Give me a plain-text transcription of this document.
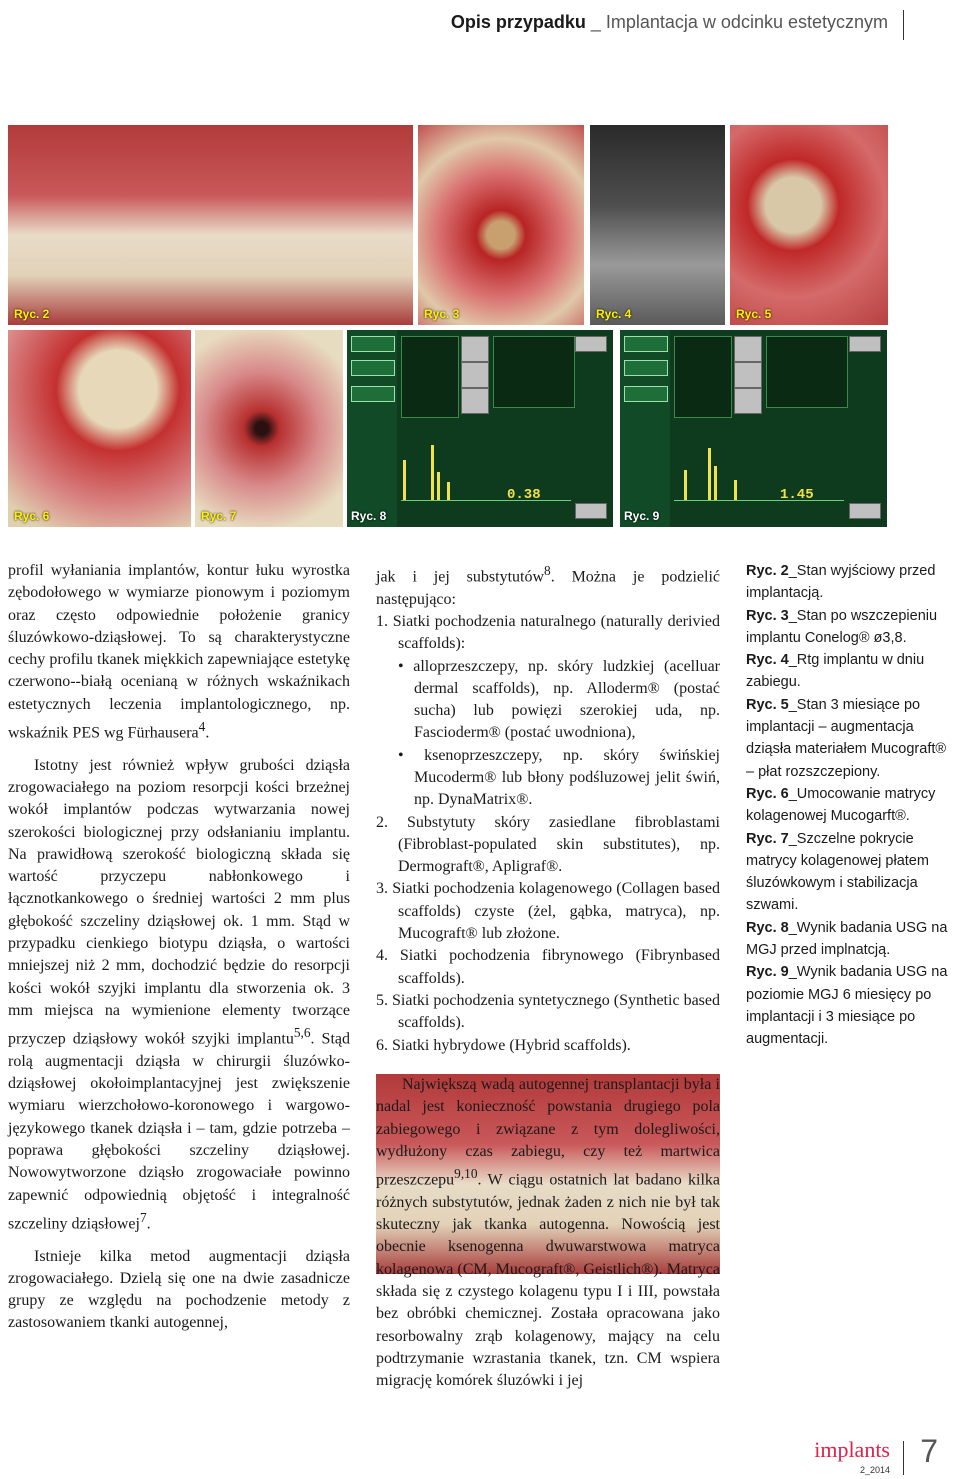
Opis przypadku _ Implantacja w odcinku estetycznym
Ryc. 2	Ryc. 3	Ryc. 4	Ryc. 5
Ryc. 6	Ryc. 7
0.38
Ryc. 8
1.45
Ryc. 9

profil wyłaniania implantów, kontur łuku wyrostka zębodołowego w wymiarze pionowym i poziomym oraz często odpowiednie położenie granicy śluzówkowo-dziąsłowej. To są charakterystyczne cechy profilu tkanek miękkich zapewniające estetykę czerwono--białą ocenianą w różnych wskaźnikach estetycznych leczenia implantologicznego, np. wskaźnik PES wg Fürhausera$^4$.

Istotny jest również wpływ grubości dziąsła zrogowaciałego na poziom resorpcji kości brzeżnej wokół implantów podczas wytwarzania nowej szerokości biologicznej przy odsłanianiu implantu. Na prawidłową szerokość biologiczną składa się wartość przyczepu nabłonkowego i łącznotkankowego o średniej wartości 2 mm plus głębokość szczeliny dziąsłowej ok. 1 mm. Stąd w przypadku cienkiego biotypu dziąsła, o wartości mniejszej niż 2 mm, dochodzić będzie do resorpcji kości wokół szyjki implantu dla stworzenia ok. 3 mm miejsca na wymienione elementy tworzące przyczep dziąsłowy wokół szyjki implantu$^{5,6}$. Stąd rolą augmentacji dziąsła w chirurgii śluzówko-dziąsłowej okołoimplantacyjnej jest zwiększenie wymiaru wierzchołowo-koronowego i wargowo-językowego tkanek dziąsła i – tam, gdzie potrzeba – poprawa głębokości szczeliny dziąsłowej. Nowowytworzone dziąsło zrogowaciałe powinno zapewnić odpowiednią objętość i integralność szczeliny dziąsłowej$^7$.

Istnieje kilka metod augmentacji dziąsła zrogowaciałego. Dzielą się one na dwie zasadnicze grupy ze względu na pochodzenie metody z zastosowaniem tkanki autogennej,

jak i jej substytutów$^8$. Można je podzielić następująco:

1. Siatki pochodzenia naturalnego (naturally derivied scaffolds):
• alloprzeszczepy, np. skóry ludzkiej (acelluar dermal scaffolds), np. Alloderm® (postać sucha) lub powięzi szerokiej uda, np. Fascioderm® (postać uwodniona),
• ksenoprzeszczepy, np. skóry świńskiej Mucoderm® lub błony podśluzowej jelit świń, np. DynaMatrix®.
2. Substytuty skóry zasiedlane fibroblastami (Fibroblast-populated skin substitutes), np. Dermograft®, Apligraf®.
3. Siatki pochodzenia kolagenowego (Collagen based scaffolds) czyste (żel, gąbka, matryca), np. Mucograft® lub złożone.
4. Siatki pochodzenia fibrynowego (Fibrynbased scaffolds).
5. Siatki pochodzenia syntetycznego (Synthetic based scaffolds).
6. Siatki hybrydowe (Hybrid scaffolds).

Największą wadą autogennej transplantacji była i nadal jest konieczność powstania drugiego pola zabiegowego i związane z tym dolegliwości, wydłużony czas zabiegu, czy też martwica przeszczepu$^{9,10}$. W ciągu ostatnich lat badano kilka różnych substytutów, jednak żaden z nich nie był tak skuteczny jak tkanka autogenna. Nowością jest obecnie ksenogenna dwuwarstwowa matryca kolagenowa (CM, Mucograft®, Geistlich®). Matryca składa się z czystego kolagenu typu I i III, powstała bez obróbki chemicznej. Została opracowana jako resorbowalny zrąb kolagenowy, mający na celu podtrzymanie wzrastania tkanek, tzn. CM wspiera migrację komórek śluzówki i jej

Ryc. 2_Stan wyjściowy przed implantacją.
Ryc. 3_Stan po wszczepieniu implantu Conelog® ø3,8.
Ryc. 4_Rtg implantu w dniu zabiegu.
Ryc. 5_Stan 3 miesiące po implantacji – augmentacja dziąsła materiałem Mucograft® – płat rozszczepiony.
Ryc. 6_Umocowanie matrycy kolagenowej Mucogarft®.
Ryc. 7_Szczelne pokrycie matrycy kolagenowej płatem śluzówkowym i stabilizacja szwami.
Ryc. 8_Wynik badania USG na MGJ przed implnatcją.
Ryc. 9_Wynik badania USG na poziomie MGJ 6 miesięcy po implantacji i 3 miesiące po augmentacji.
implants
2_2014
7
